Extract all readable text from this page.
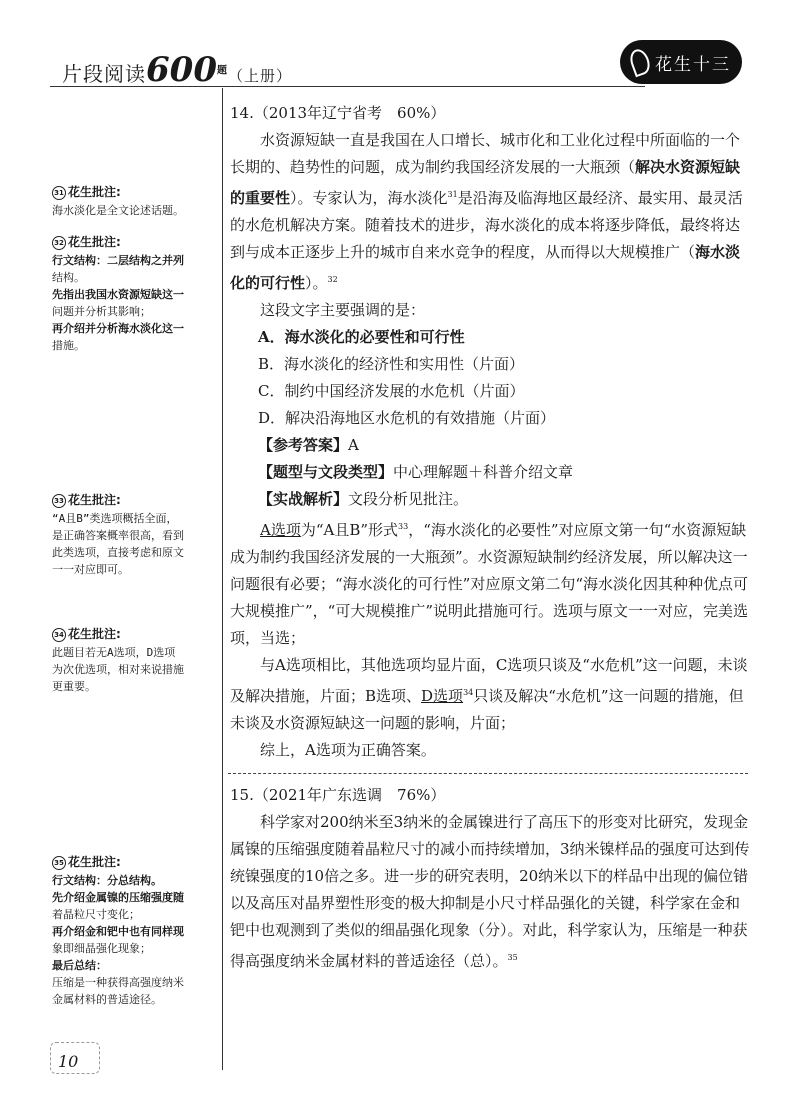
片段阅读$600^题$（上册）
花生十三
31 花生批注:
海水淡化是全文论述话题。
32 花生批注:
行文结构：二层结构之并列
结构。
先指出我国水资源短缺这一
问题并分析其影响；
再介绍并分析海水淡化这一
措施。
33 花生批注:
“A且B”类选项概括全面，
是正确答案概率很高，看到
此类选项，直接考虑和原文
一一对应即可。
34 花生批注:
此题目若无A选项，D选项
为次优选项，相对来说措施
更重要。
35 花生批注:
行文结构：分总结构。
先介绍金属镍的压缩强度随
着晶粒尺寸变化；
再介绍金和钯中也有同样现
象即细晶强化现象；
最后总结：
压缩是一种获得高强度纳米
金属材料的普适途径。
14.（2013年辽宁省考　60%）

水资源短缺一直是我国在人口增长、城市化和工业化过程中所面临的一个长期的、趋势性的问题，成为制约我国经济发展的一大瓶颈（解决水资源短缺的重要性）。专家认为，海水淡化$^{31}$是沿海及临海地区最经济、最实用、最灵活的水危机解决方案。随着技术的进步，海水淡化的成本将逐步降低，最终将达到与成本正逐步上升的城市自来水竞争的程度，从而得以大规模推广（海水淡化的可行性）。$^{32}$

这段文字主要强调的是：

A．海水淡化的必要性和可行性
B．海水淡化的经济性和实用性（片面）
C．制约中国经济发展的水危机（片面）
D．解决沿海地区水危机的有效措施（片面）
【参考答案】A
【题型与文段类型】中心理解题＋科普介绍文章
【实战解析】文段分析见批注。

A选项为“A且B”形式$^{33}$，“海水淡化的必要性”对应原文第一句“水资源短缺成为制约我国经济发展的一大瓶颈”。水资源短缺制约经济发展，所以解决这一问题很有必要；“海水淡化的可行性”对应原文第二句“海水淡化因其种种优点可大规模推广”，“可大规模推广”说明此措施可行。选项与原文一一对应，完美选项，当选；

与A选项相比，其他选项均显片面，C选项只谈及“水危机”这一问题，未谈及解决措施，片面；B选项、D选项$^{34}$只谈及解决“水危机”这一问题的措施，但未谈及水资源短缺这一问题的影响，片面；

综上，A选项为正确答案。

15.（2021年广东选调　76%）

科学家对200纳米至3纳米的金属镍进行了高压下的形变对比研究，发现金属镍的压缩强度随着晶粒尺寸的减小而持续增加，3纳米镍样品的强度可达到传统镍强度的10倍之多。进一步的研究表明，20纳米以下的样品中出现的偏位错以及高压对晶界塑性形变的极大抑制是小尺寸样品强化的关键，科学家在金和钯中也观测到了类似的细晶强化现象（分）。对此，科学家认为，压缩是一种获得高强度纳米金属材料的普适途径（总）。$^{35}$

10
